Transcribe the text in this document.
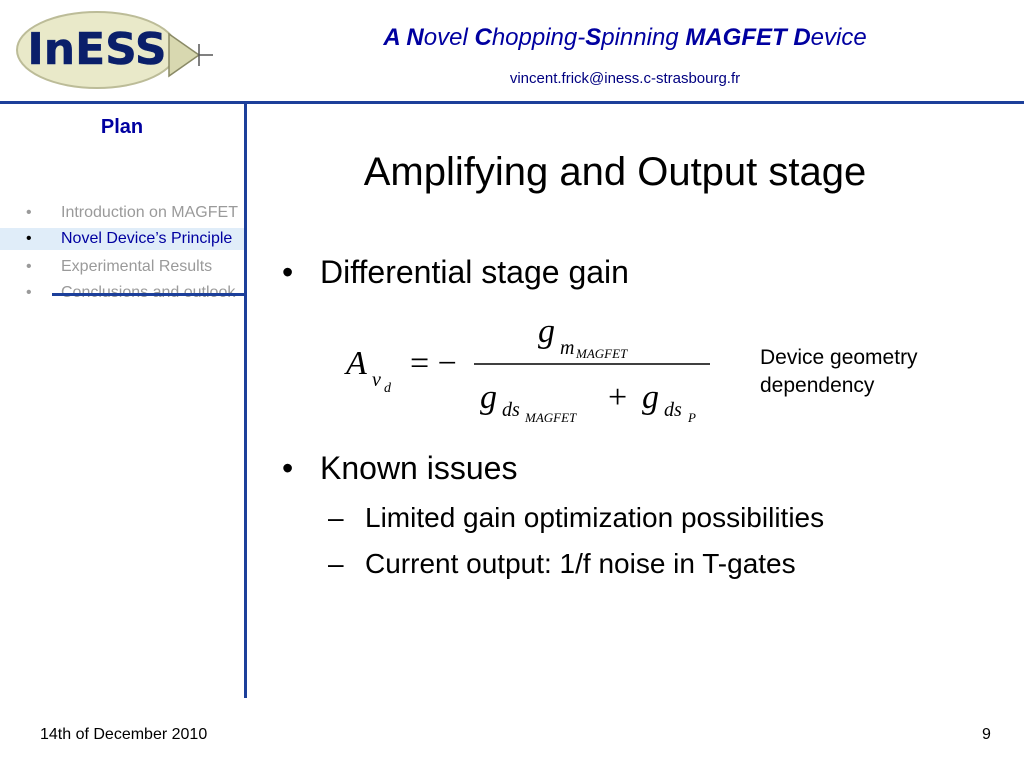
InESS	A Novel Chopping-Spinning MAGFET Device
vincent.frick@iness.c-strasbourg.fr
Plan
• Introduction on MAGFET
• Novel Device’s Principle
• Experimental Results
•
Amplifying and Output stage
• Differential stage gain
A v d
= −
g m MAGFET
g ds MAGFET
+ g ds P
Device geometry dependency
• Known issues
– Limited gain optimization possibilities
– Current output: 1/f noise in T-gates
14th of December 2010	9
